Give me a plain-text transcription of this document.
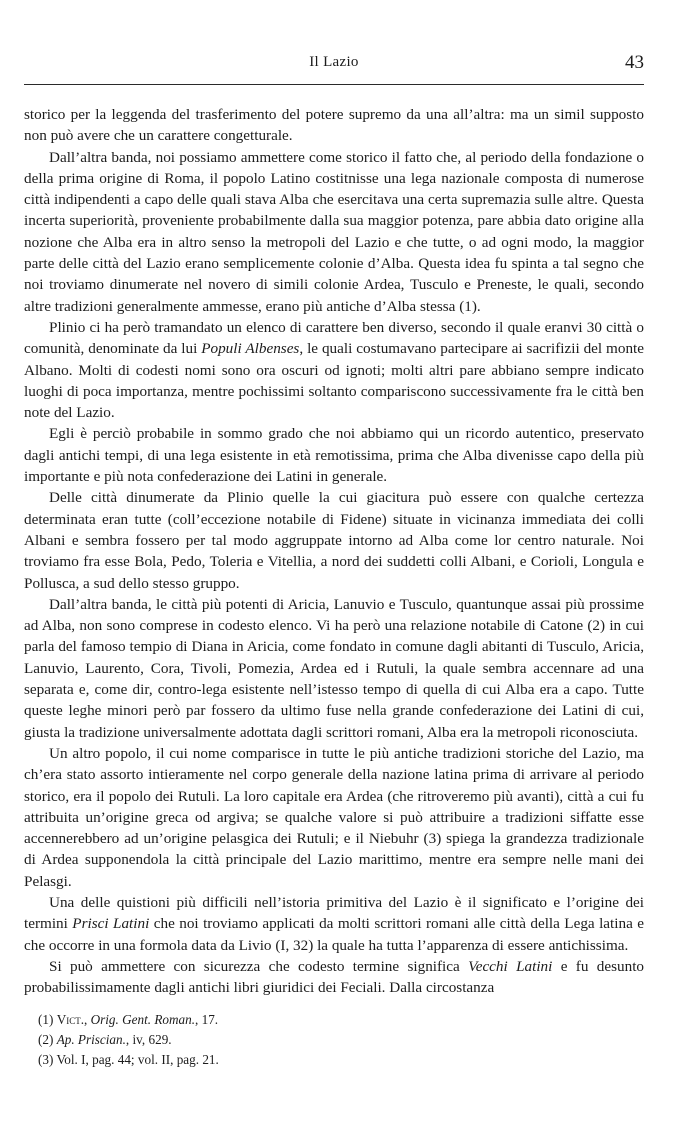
Il Lazio	43

storico per la leggenda del trasferimento del potere supremo da una all’altra: ma un simil supposto non può avere che un carattere congetturale.

Dall’altra banda, noi possiamo ammettere come storico il fatto che, al periodo della fondazione o della prima origine di Roma, il popolo Latino costitnisse una lega nazionale composta di numerose città indipendenti a capo delle quali stava Alba che esercitava una certa supremazia sulle altre. Questa incerta superiorità, proveniente probabilmente dalla sua maggior potenza, pare abbia dato origine alla nozione che Alba era in altro senso la metropoli del Lazio e che tutte, o ad ogni modo, la maggior parte delle città del Lazio erano semplicemente colonie d’Alba. Questa idea fu spinta a tal segno che noi troviamo dinumerate nel novero di simili colonie Ardea, Tusculo e Preneste, le quali, secondo altre tradizioni generalmente ammesse, erano più antiche d’Alba stessa (1).

Plinio ci ha però tramandato un elenco di carattere ben diverso, secondo il quale eranvi 30 città o comunità, denominate da lui Populi Albenses, le quali costumavano partecipare ai sacrifizii del monte Albano. Molti di codesti nomi sono ora oscuri od ignoti; molti altri pare abbiano sempre indicato luoghi di poca importanza, mentre pochissimi soltanto compariscono successivamente fra le città ben note del Lazio.

Egli è perciò probabile in sommo grado che noi abbiamo qui un ricordo autentico, preservato dagli antichi tempi, di una lega esistente in età remotissima, prima che Alba divenisse capo della più importante e più nota confederazione dei Latini in generale.

Delle città dinumerate da Plinio quelle la cui giacitura può essere con qualche certezza determinata eran tutte (coll’eccezione notabile di Fidene) situate in vicinanza immediata dei colli Albani e sembra fossero per tal modo aggruppate intorno ad Alba come lor centro naturale. Noi troviamo fra esse Bola, Pedo, Toleria e Vitellia, a nord dei suddetti colli Albani, e Corioli, Longula e Pollusca, a sud dello stesso gruppo.

Dall’altra banda, le città più potenti di Aricia, Lanuvio e Tusculo, quantunque assai più prossime ad Alba, non sono comprese in codesto elenco. Vi ha però una relazione notabile di Catone (2) in cui parla del famoso tempio di Diana in Aricia, come fondato in comune dagli abitanti di Tusculo, Aricia, Lanuvio, Laurento, Cora, Tivoli, Pomezia, Ardea ed i Rutuli, la quale sembra accennare ad una separata e, come dir, contro-lega esistente nell’istesso tempo di quella di cui Alba era a capo. Tutte queste leghe minori però par fossero da ultimo fuse nella grande confederazione dei Latini di cui, giusta la tradizione universalmente adottata dagli scrittori romani, Alba era la metropoli riconosciuta.

Un altro popolo, il cui nome comparisce in tutte le più antiche tradizioni storiche del Lazio, ma ch’era stato assorto intieramente nel corpo generale della nazione latina prima di arrivare al periodo storico, era il popolo dei Rutuli. La loro capitale era Ardea (che ritroveremo più avanti), città a cui fu attribuita un’origine greca od argiva; se qualche valore si può attribuire a tradizioni siffatte esse accennerebbero ad un’origine pelasgica dei Rutuli; e il Niebuhr (3) spiega la grandezza tradizionale di Ardea supponendola la città principale del Lazio marittimo, mentre era sempre nelle mani dei Pelasgi.

Una delle quistioni più difficili nell’istoria primitiva del Lazio è il significato e l’origine dei termini Prisci Latini che noi troviamo applicati da molti scrittori romani alle città della Lega latina e che occorre in una formola data da Livio (I, 32) la quale ha tutta l’apparenza di essere antichissima.

Si può ammettere con sicurezza che codesto termine significa Vecchi Latini e fu desunto probabilissimamente dagli antichi libri giuridici dei Feciali. Dalla circostanza

(1) Vict., Orig. Gent. Roman., 17.
(2) Ap. Priscian., iv, 629.
(3) Vol. I, pag. 44; vol. II, pag. 21.
